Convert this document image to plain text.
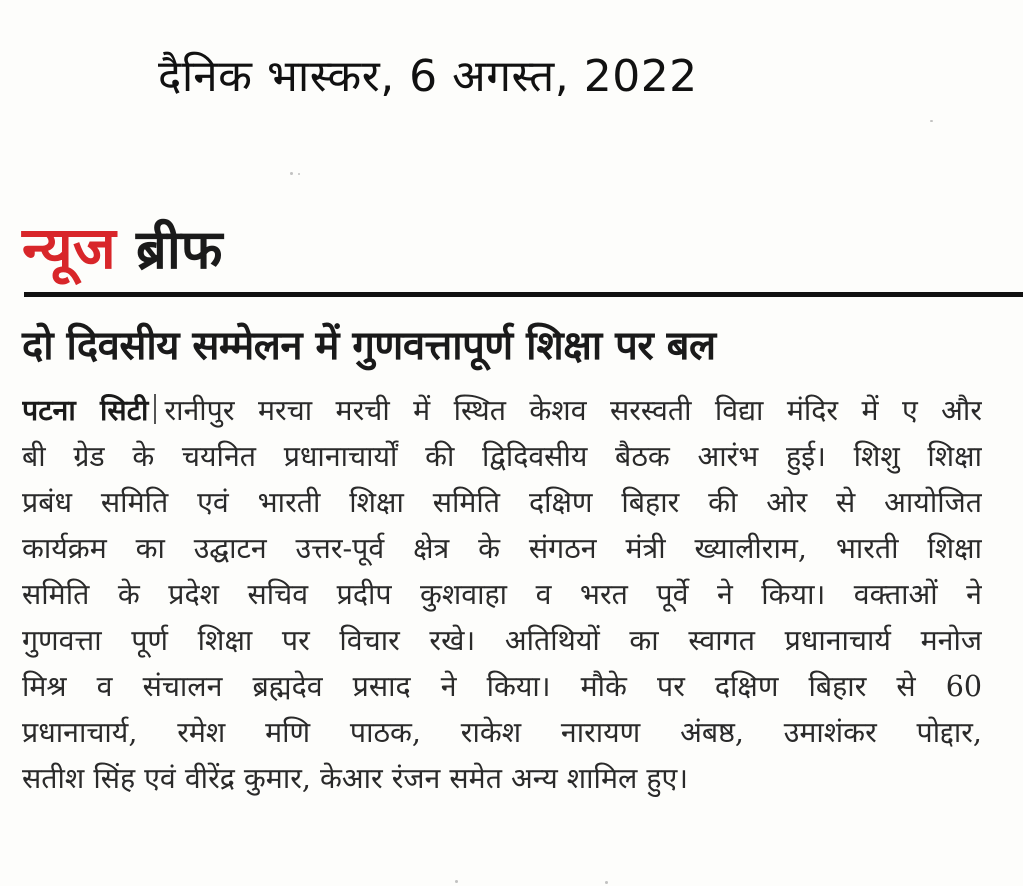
दैनिक भास्कर, 6 अगस्त, 2022
न्यूज ब्रीफ
दो दिवसीय सम्मेलन में गुणवत्तापूर्ण शिक्षा पर बल
पटना सिटी रानीपुर मरचा मरची में स्थित केशव सरस्वती विद्या मंदिर में ए और
बी ग्रेड के चयनित प्रधानाचार्यों की द्विदिवसीय बैठक आरंभ हुई। शिशु शिक्षा
प्रबंध समिति एवं भारती शिक्षा समिति दक्षिण बिहार की ओर से आयोजित
कार्यक्रम का उद्घाटन उत्तर-पूर्व क्षेत्र के संगठन मंत्री ख्यालीराम, भारती शिक्षा
समिति के प्रदेश सचिव प्रदीप कुशवाहा व भरत पूर्वे ने किया। वक्ताओं ने
गुणवत्ता पूर्ण शिक्षा पर विचार रखे। अतिथियों का स्वागत प्रधानाचार्य मनोज
मिश्र व संचालन ब्रह्मदेव प्रसाद ने किया। मौके पर दक्षिण बिहार से 60
प्रधानाचार्य, रमेश मणि पाठक, राकेश नारायण अंबष्ठ, उमाशंकर पोद्दार,
सतीश सिंह एवं वीरेंद्र कुमार, केआर रंजन समेत अन्य शामिल हुए।
